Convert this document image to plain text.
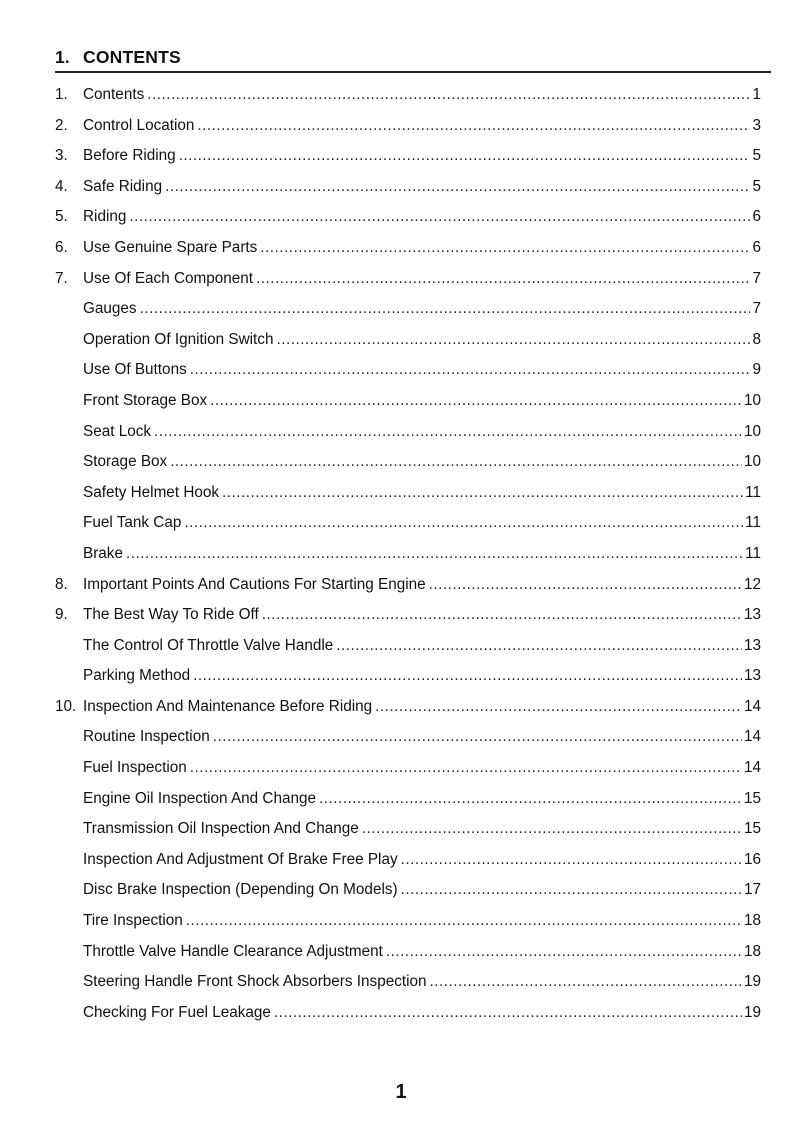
1. CONTENTS
1. Contents .....	1
2. Control Location .....	3
3. Before Riding .....	5
4. Safe Riding .....	5
5. Riding .....	6
6. Use Genuine Spare Parts .....	6
7. Use Of Each Component .....	7
Gauges .....	7
Operation Of Ignition Switch .....	8
Use Of Buttons .....	9
Front Storage Box .....	10
Seat Lock .....	10
Storage Box .....	10
Safety Helmet Hook .....	11
Fuel Tank Cap .....	11
Brake .....	11
8. Important Points And Cautions For Starting Engine .....	12
9. The Best Way To Ride Off .....	13
The Control Of Throttle Valve Handle .....	13
Parking Method .....	13
10. Inspection And Maintenance Before Riding .....	14
Routine Inspection .....	14
Fuel Inspection .....	14
Engine Oil Inspection And Change .....	15
Transmission Oil Inspection And Change .....	15
Inspection And Adjustment Of Brake Free Play .....	16
Disc Brake Inspection (Depending On Models) .....	17
Tire Inspection .....	18
Throttle Valve Handle Clearance Adjustment .....	18
Steering Handle Front Shock Absorbers Inspection .....	19
Checking For Fuel Leakage .....	19
1
